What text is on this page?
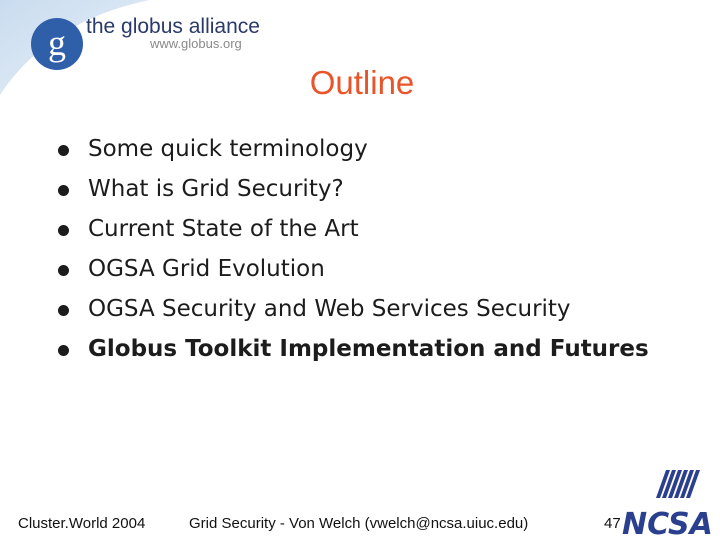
g the globus alliance
www.globus.org
Outline
Some quick terminology
What is Grid Security?
Current State of the Art
OGSA Grid Evolution
OGSA Security and Web Services Security
Globus Toolkit Implementation and Futures
Cluster.World 2004	Grid Security - Von Welch (vwelch@ncsa.uiuc.edu)	47 NCSA
